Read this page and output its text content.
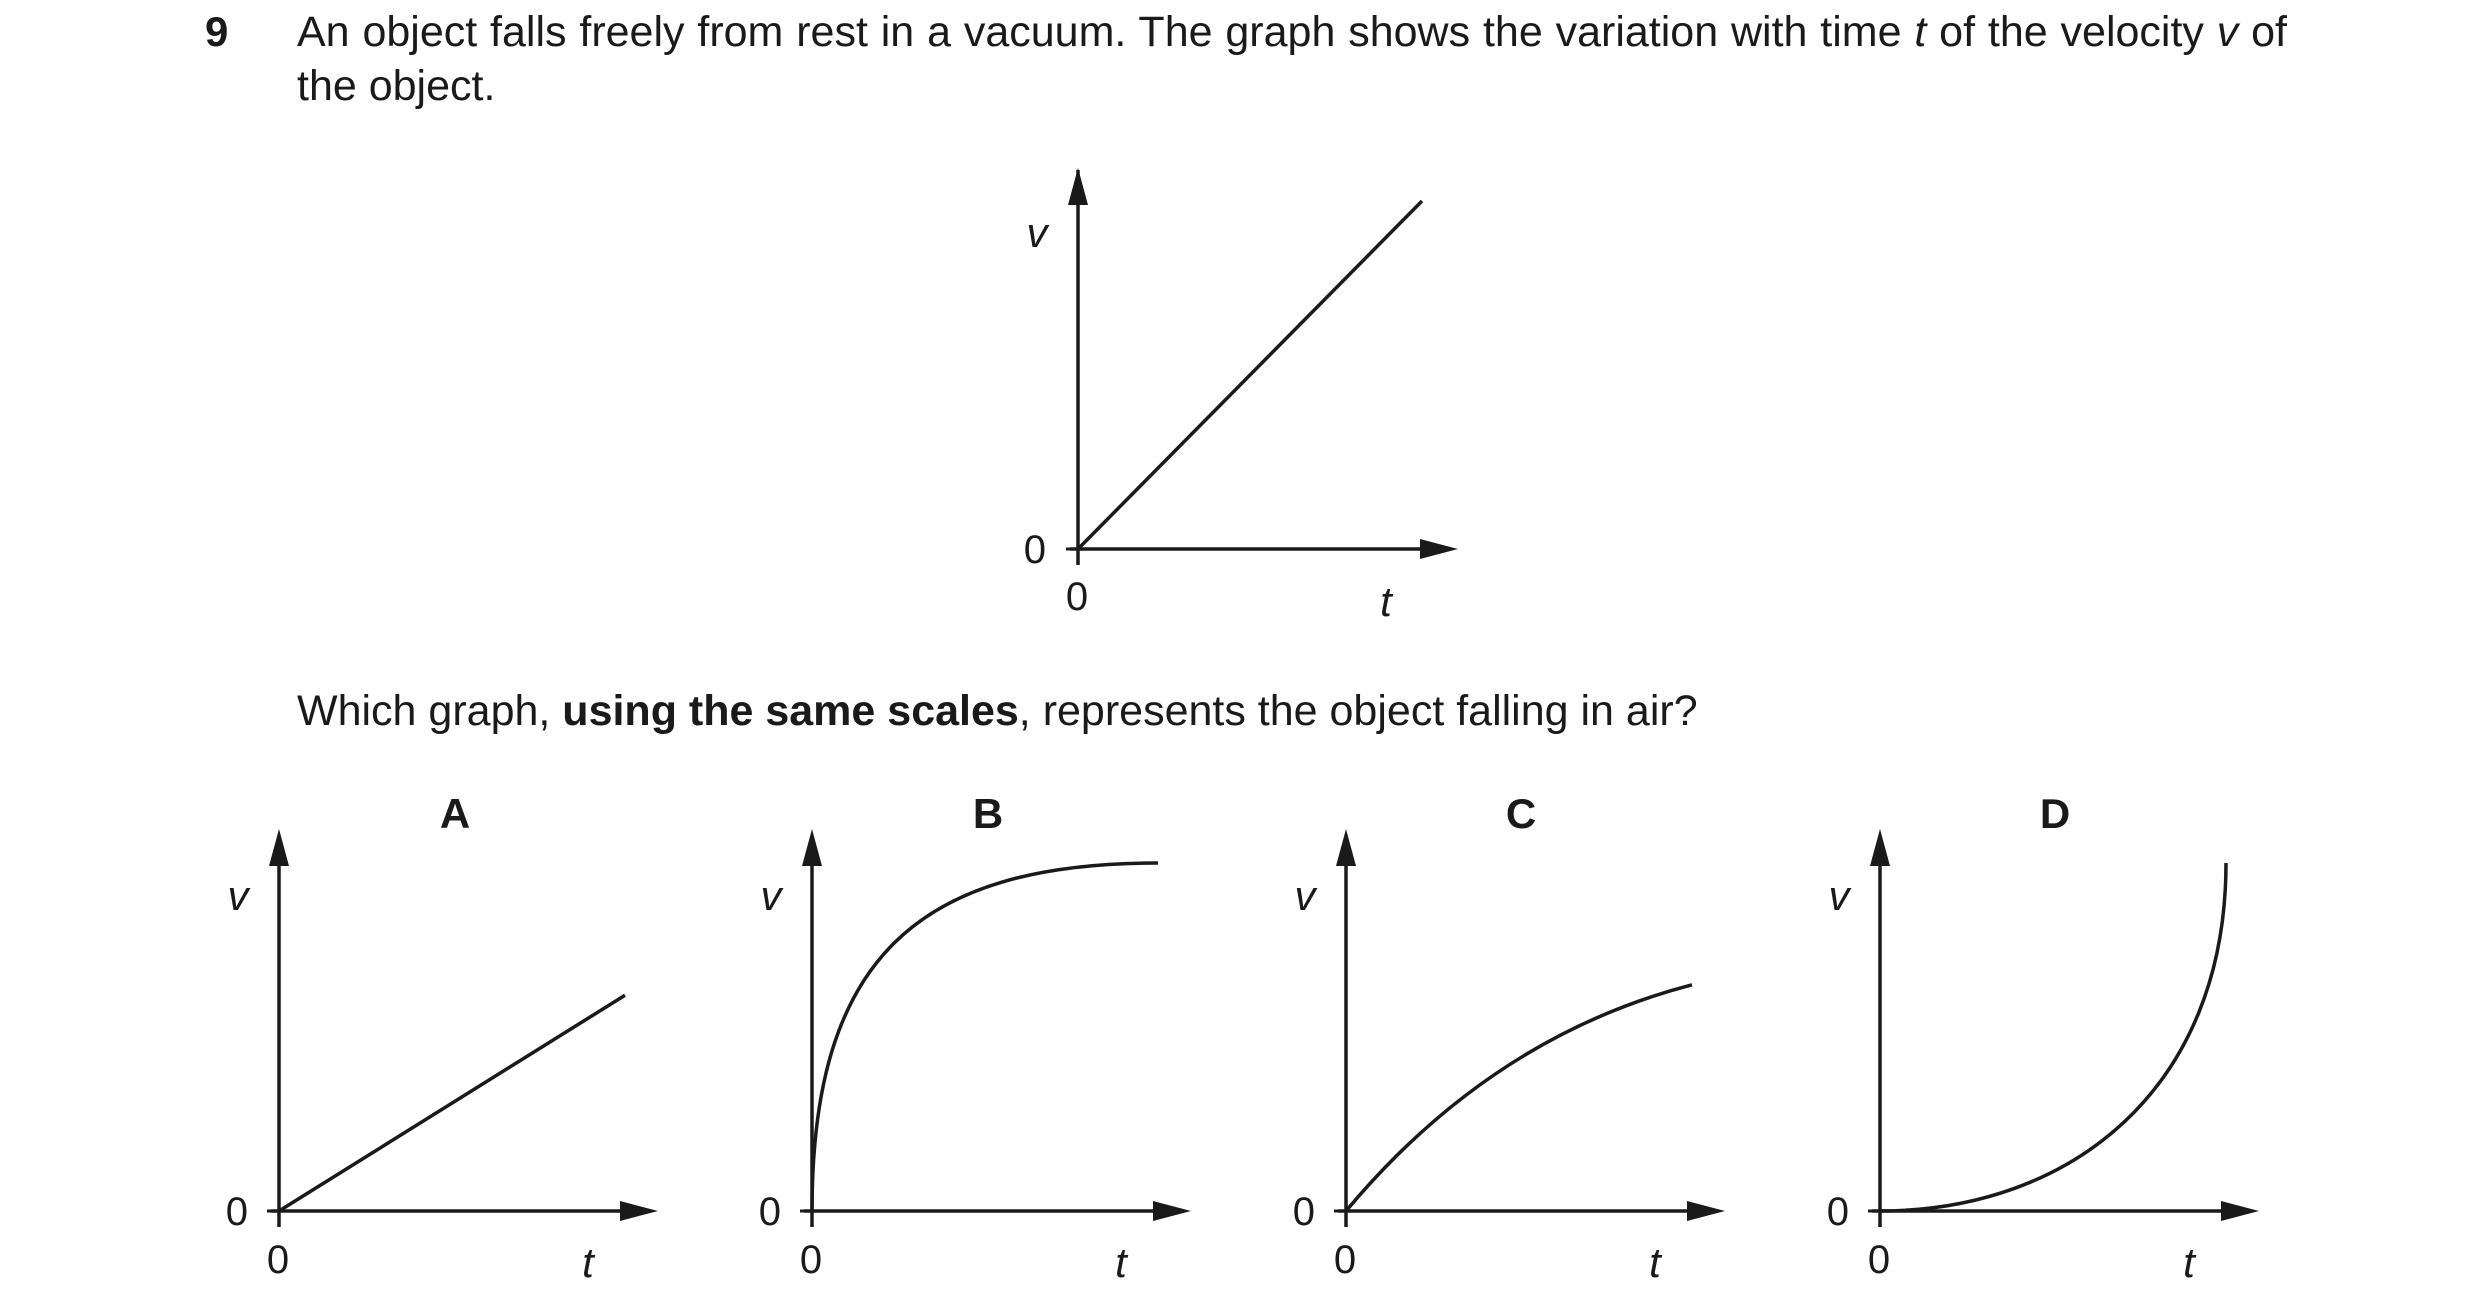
9 An object falls freely from rest in a vacuum. The graph shows the variation with time t of the velocity v of the object.
Which graph, using the same scales, represents the object falling in air?
v
t
0
0
A
v
t
0
0
B
v
t
0
0
C
v
t
0
0
D
v
t
0
0
